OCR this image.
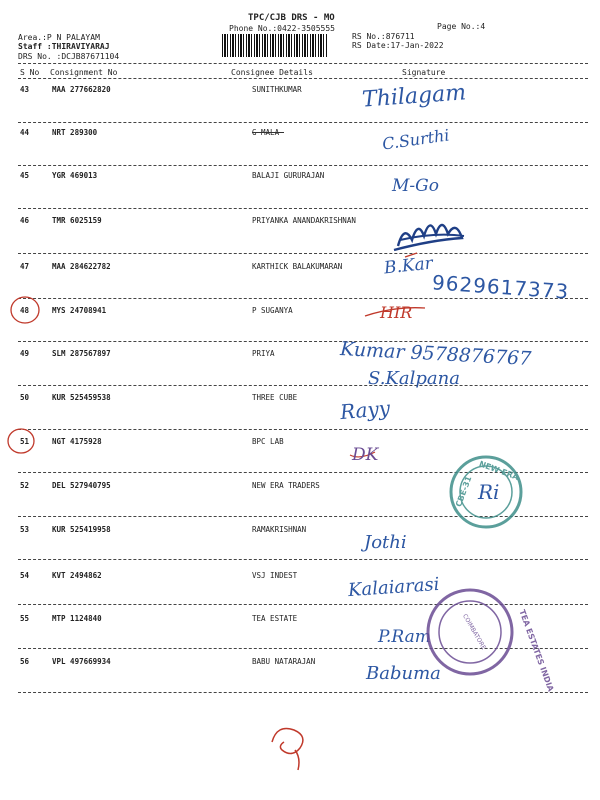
TPC/CJB DRS - MO
Phone No.:0422-3505555	Page No.:4
Area.:P N PALAYAM
Staff :THIRAVIYARAJ
DRS No. :DCJB87671104
RS No.:876711
RS Date:17-Jan-2022
S No Consignment No	Consignee Details	Signature
43	MAA 277662820	SUNITHKUMAR
44	NRT 289300	G MALA
45	YGR 469013	BALAJI GURURAJAN
46	TMR 6025159	PRIYANKA ANANDAKRISHNAN
47	MAA 284622782	KARTHICK BALAKUMARAN
48	MYS 24708941	P SUGANYA
49	SLM 287567897	PRIYA
50	KUR 525459538	THREE CUBE
51	NGT 4175928	BPC LAB
52	DEL 527940795	NEW ERA TRADERS
53	KUR 525419958	RAMAKRISHNAN
54	KVT 2494862	VSJ INDEST
55	MTP 1124840	TEA ESTATE
56	VPL 497669934	BABU NATARAJAN
Thilagam
C.Surthi
M-Go
B.Kar
9629617373
HIR
Kumar 9578876767
S.Kalpana
Rayy
DK
Ri
Jothi
Kalaiarasi
P.Ram
Babuma
NEW ERA
CBE-31
TEA ESTATES INDIA
COIMBATORE
